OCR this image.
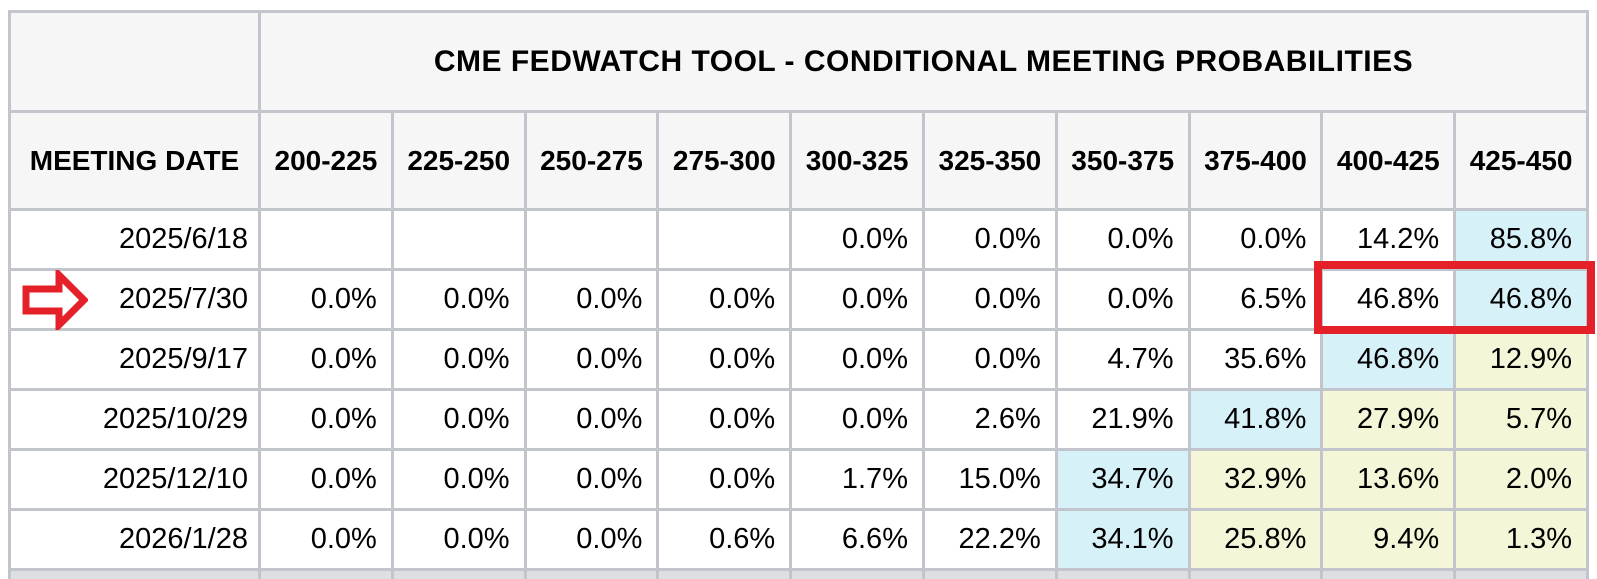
	CME FEDWATCH TOOL - CONDITIONAL MEETING PROBABILITIES									
MEETING DATE	200-225	225-250	250-275	275-300	300-325	325-350	350-375	375-400	400-425	425-450
2025/6/18					0.0%	0.0%	0.0%	0.0%	14.2%	85.8%
2025/7/30	0.0%	0.0%	0.0%	0.0%	0.0%	0.0%	0.0%	6.5%	46.8%	46.8%
2025/9/17	0.0%	0.0%	0.0%	0.0%	0.0%	0.0%	4.7%	35.6%	46.8%	12.9%
2025/10/29	0.0%	0.0%	0.0%	0.0%	0.0%	2.6%	21.9%	41.8%	27.9%	5.7%
2025/12/10	0.0%	0.0%	0.0%	0.0%	1.7%	15.0%	34.7%	32.9%	13.6%	2.0%
2026/1/28	0.0%	0.0%	0.0%	0.6%	6.6%	22.2%	34.1%	25.8%	9.4%	1.3%
